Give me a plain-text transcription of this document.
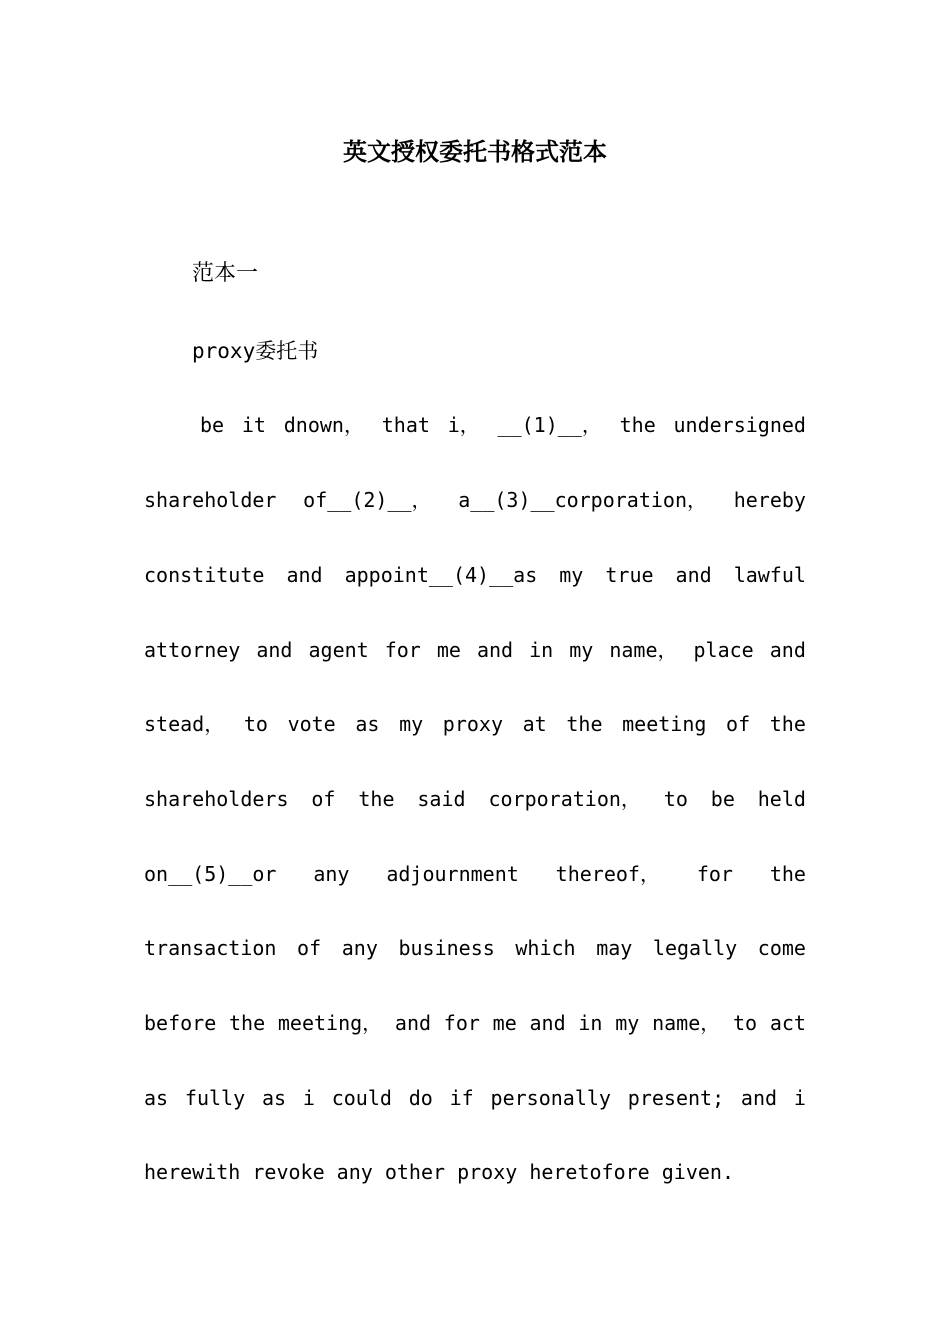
英文授权委托书格式范本

范本一

proxy委托书

be it dnown， that i， __(1)__， the undersigned
shareholder of__(2)__， a__(3)__corporation， hereby
constitute and appoint__(4)__as my true and lawful
attorney and agent for me and in my name， place and
stead， to vote as my proxy at the meeting of the
shareholders of the said corporation， to be held
on__(5)__or any adjournment thereof， for the
transaction of any business which may legally come
before the meeting， and for me and in my name， to act
as fully as i could do if personally present; and i
herewith revoke any other proxy heretofore given.
